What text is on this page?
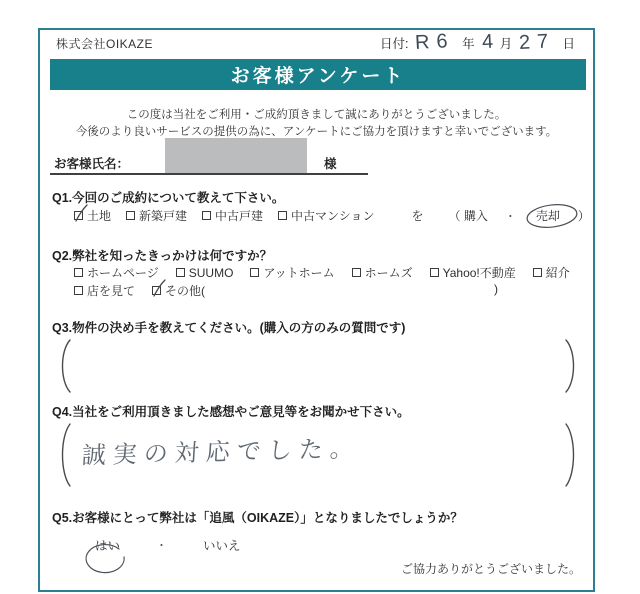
株式会社OIKAZE	日付: R6 年 4 月 27 日
お客様アンケート
この度は当社をご利用・ご成約頂きまして誠にありがとうございました。
今後のより良いサービスの提供の為に、アンケートにご協力を頂けますと幸いでございます。
お客様氏名：	様
Q1.今回のご成約について教えて下さい。
土地 新築戸建 中古戸建 中古マンション	を （ 購入 ・ 売却 ）
Q2.弊社を知ったきっかけは何ですか？
ホームページ	SUUMO	アットホーム	ホームズ	Yahoo!不動産	紹介
店を見て	その他(	)
Q3.物件の決め手を教えてください。(購入の方のみの質問です)
Q4.当社をご利用頂きました感想やご意見等をお聞かせ下さい。
誠実の対応でした。
Q5.お客様にとって弊社は「追風（OIKAZE）」となりましたでしょうか？
はい	・	いいえ
ご協力ありがとうございました。
